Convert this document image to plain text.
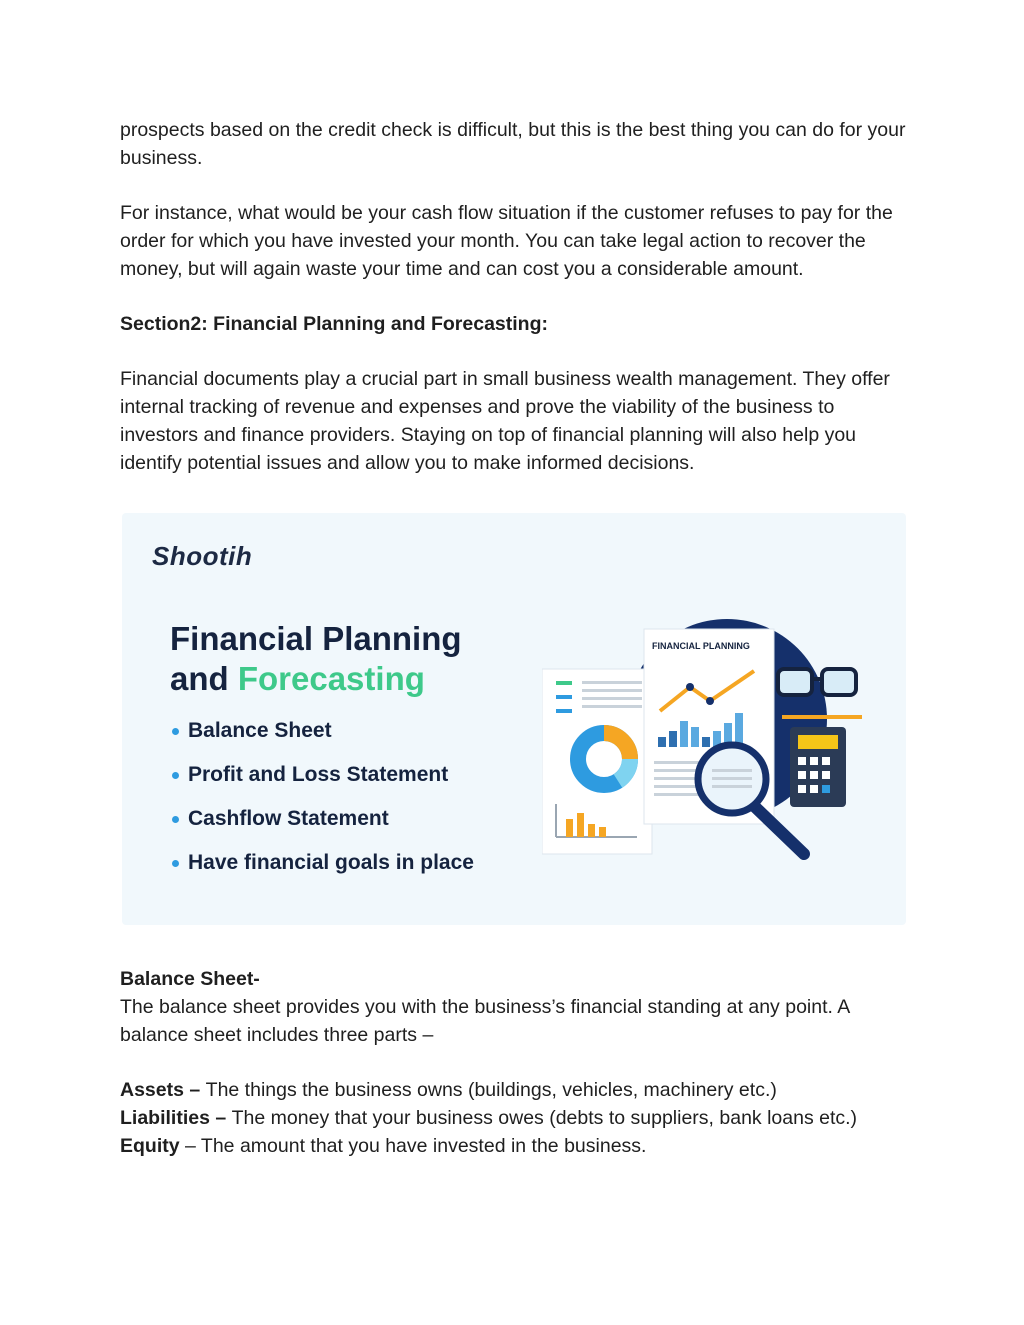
prospects based on the credit check is difficult, but this is the best thing you can do for your business.

For instance, what would be your cash flow situation if the customer refuses to pay for the order for which you have invested your month. You can take legal action to recover the money, but will again waste your time and can cost you a considerable amount.

Section2: Financial Planning and Forecasting:

Financial documents play a crucial part in small business wealth management. They offer internal tracking of revenue and expenses and prove the viability of the business to investors and finance providers. Staying on top of financial planning will also help you identify potential issues and allow you to make informed decisions.

Shootih
Financial Planning
and Forecasting
Balance Sheet
Profit and Loss Statement
Cashflow Statement
Have financial goals in place
FINANCIAL PLANNING

Balance Sheet-

The balance sheet provides you with the business’s financial standing at any point. A balance sheet includes three parts –

Assets – The things the business owns (buildings, vehicles, machinery etc.)

Liabilities – The money that your business owes (debts to suppliers, bank loans etc.)

Equity – The amount that you have invested in the business.
